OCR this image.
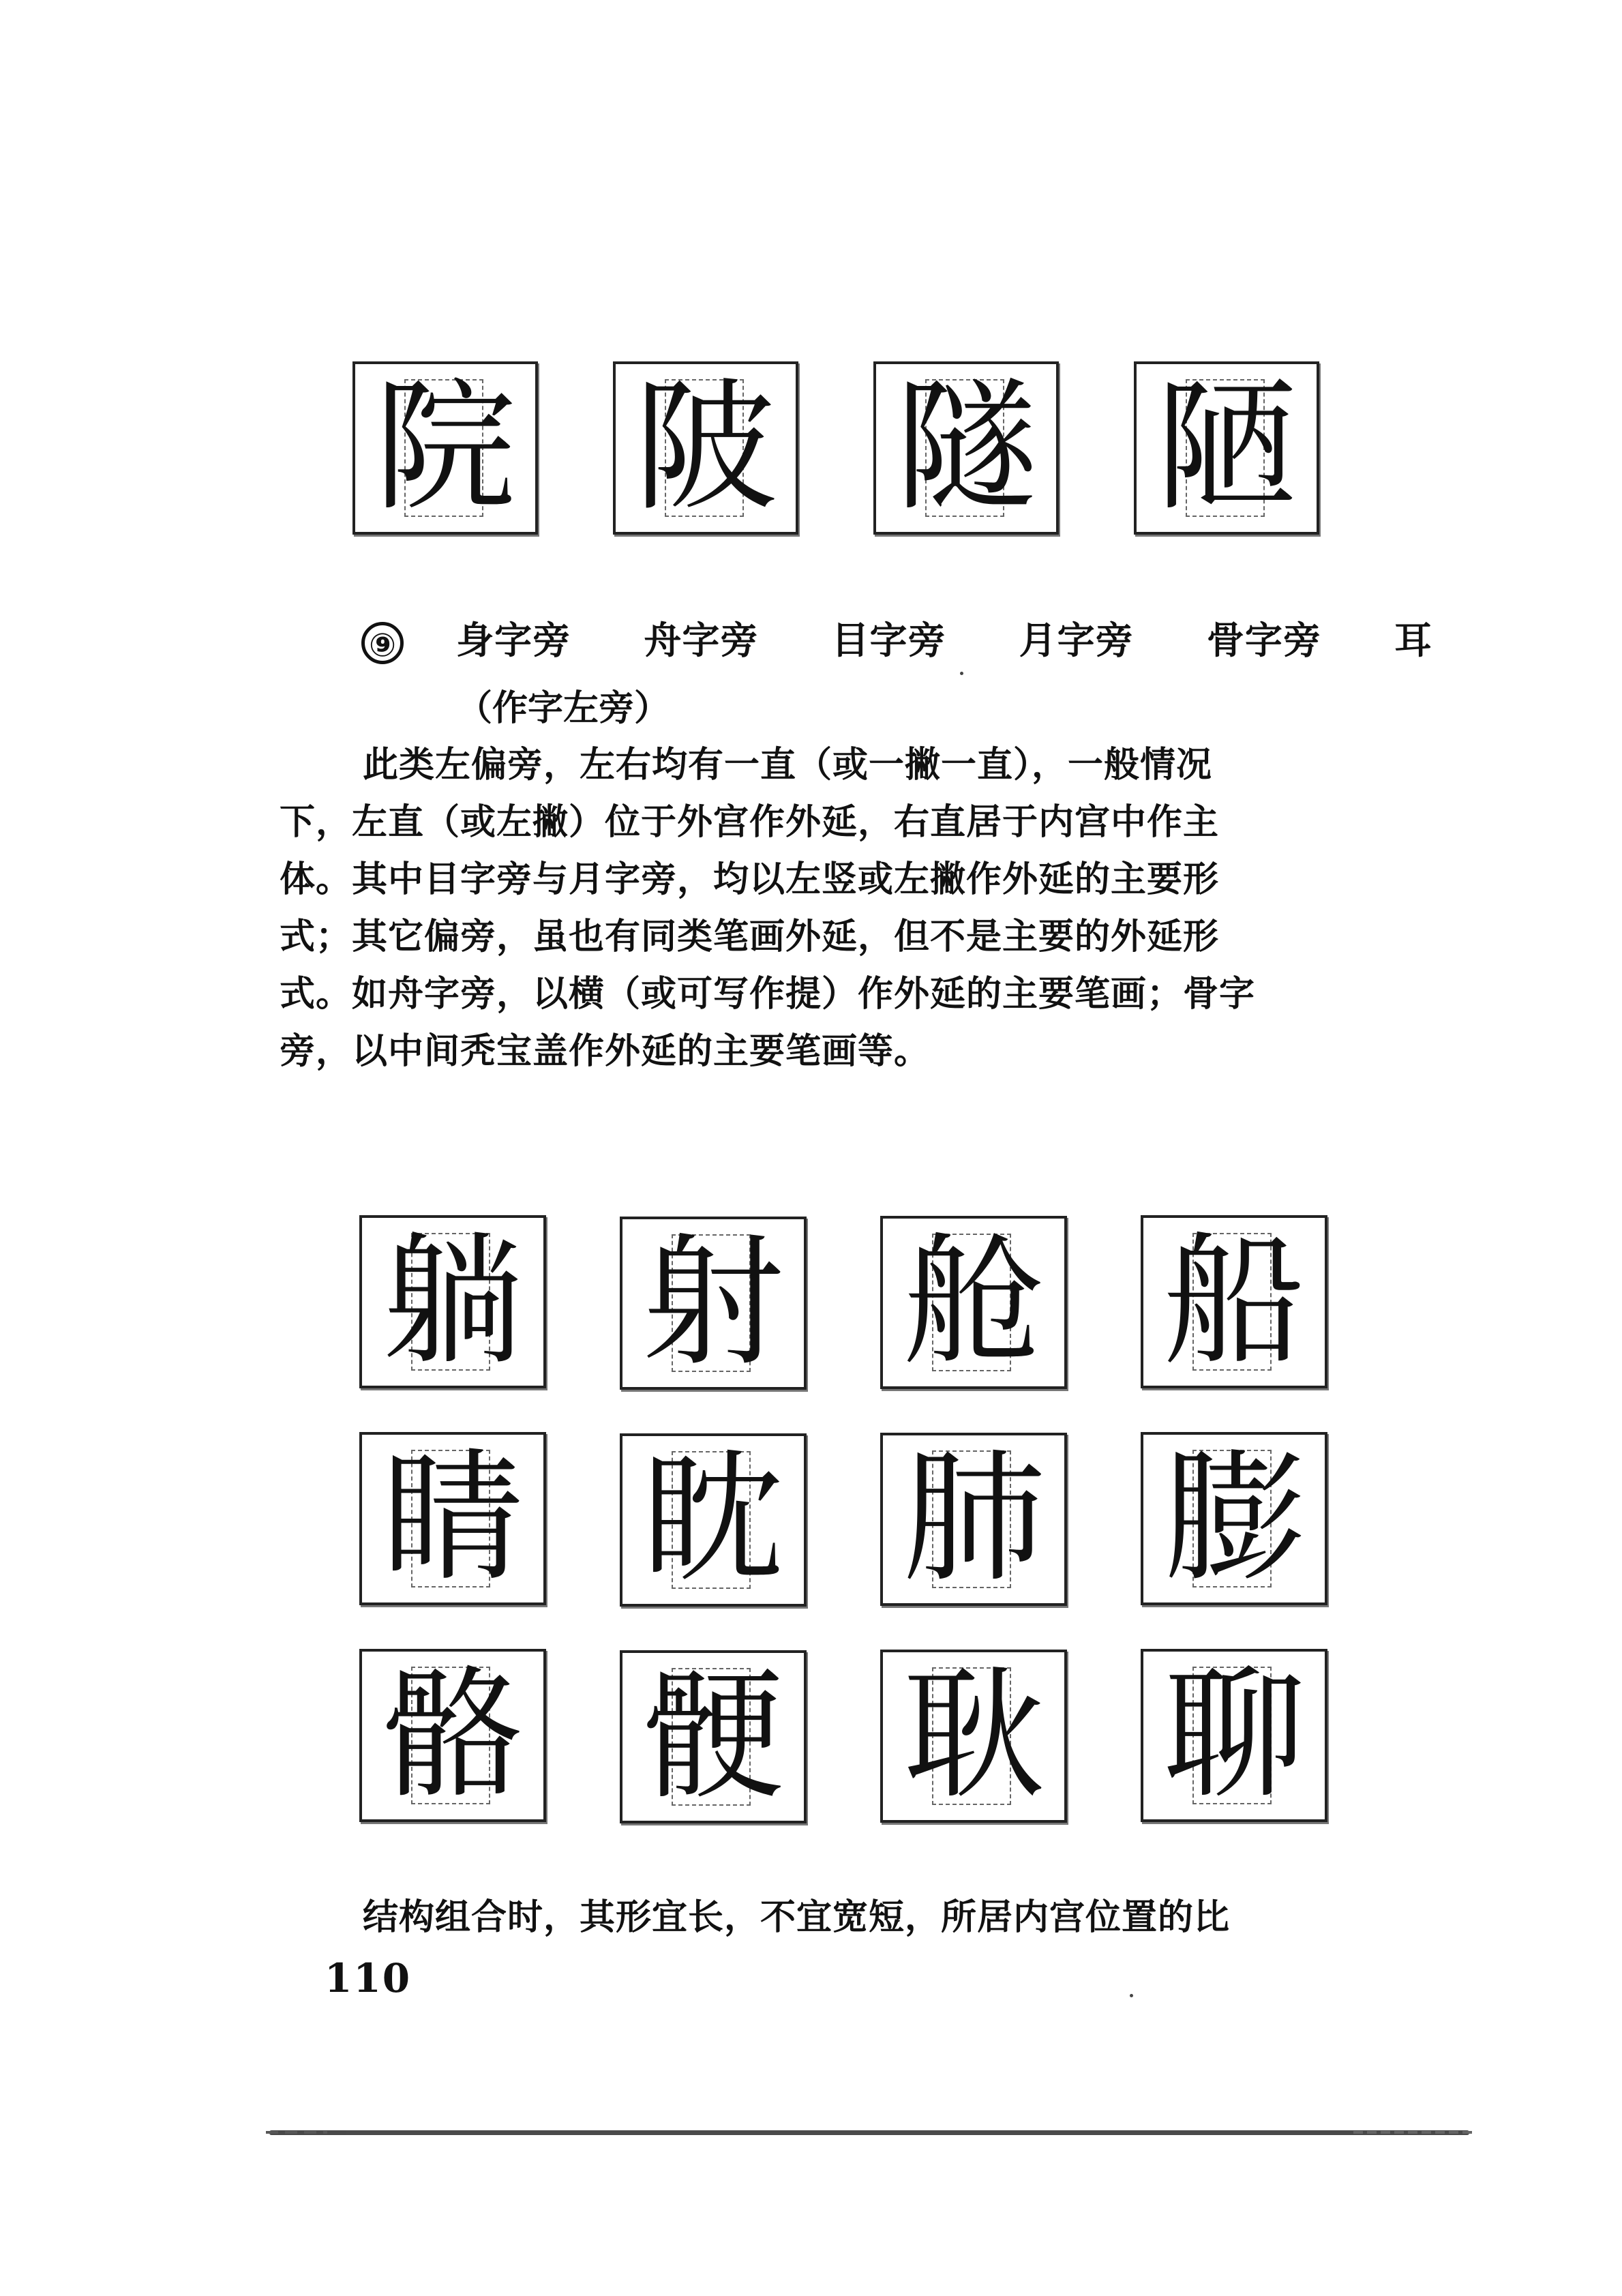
院 陂 隧 陋
⑨ 身字旁 舟字旁 目字旁 月字旁 骨字旁 耳
（作字左旁）
此类左偏旁，左右均有一直（或一撇一直），一般情况
下，左直（或左撇）位于外宫作外延，右直居于内宫中作主
体。其中目字旁与月字旁，均以左竖或左撇作外延的主要形
式；其它偏旁，虽也有同类笔画外延，但不是主要的外延形
式。如舟字旁，以横（或可写作提）作外延的主要笔画；骨字
旁，以中间秃宝盖作外延的主要笔画等。
躺 射 舱 船
睛 眈 肺 膨
骼 骾 耿 聊
结构组合时，其形宜长，不宜宽短，所居内宫位置的比
110
